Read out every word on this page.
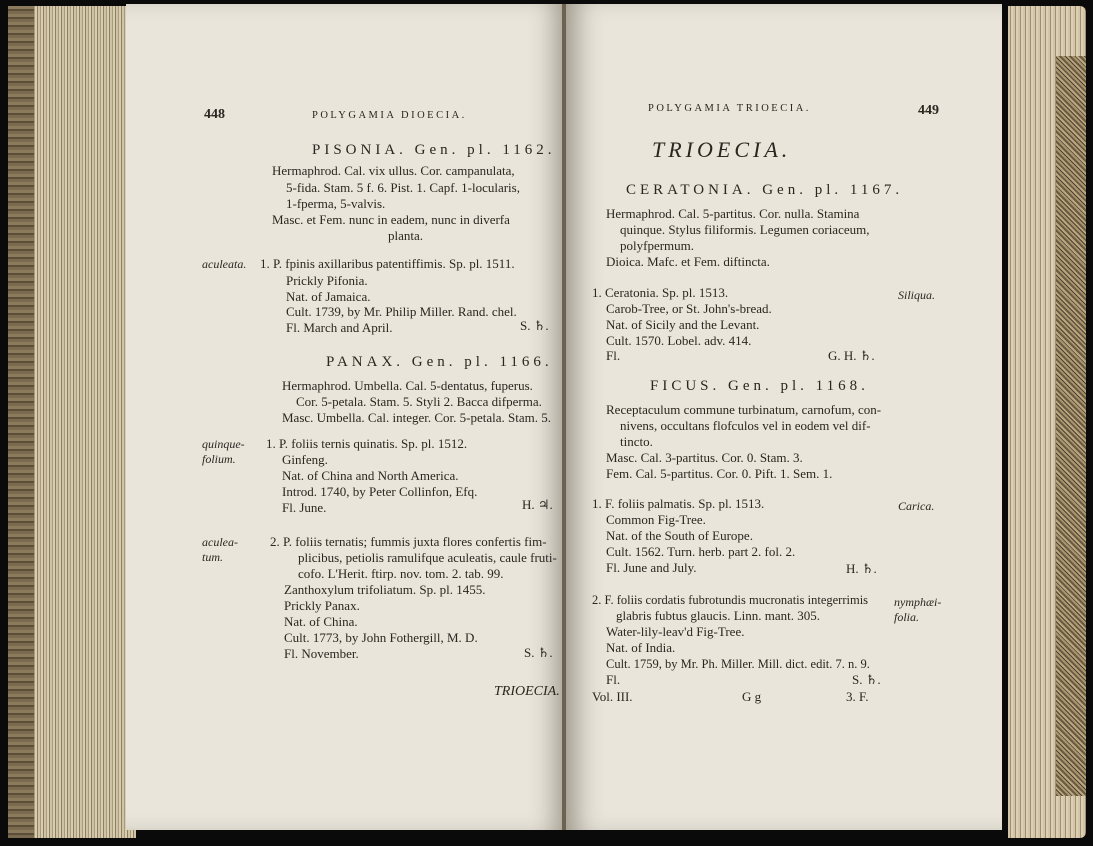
448	POLYGAMIA DIOECIA.
PISONIA. Gen. pl. 1162.
Hermaphrod. Cal. vix ullus. Cor. campanulata,
5-fida. Stam. 5 f. 6. Pist. 1. Capf. 1-locularis,
1-fperma, 5-valvis.
Masc. et Fem. nunc in eadem, nunc in diverfa
planta.
aculeata. 1. P. fpinis axillaribus patentiffimis. Sp. pl. 1511.
Prickly Pifonia.
Nat. of Jamaica.
Cult. 1739, by Mr. Philip Miller. Rand. chel.
Fl. March and April.	S. ♄.
PANAX. Gen. pl. 1166.
Hermaphrod. Umbella. Cal. 5-dentatus, fuperus.
Cor. 5-petala. Stam. 5. Styli 2. Bacca difperma.
Masc. Umbella. Cal. integer. Cor. 5-petala. Stam. 5.
quinque-
folium.
1. P. foliis ternis quinatis. Sp. pl. 1512.
Ginfeng.
Nat. of China and North America.
Introd. 1740, by Peter Collinfon, Efq.
Fl. June.	H. ♃.
aculea-
tum.
2. P. foliis ternatis; fummis juxta flores confertis fim-
plicibus, petiolis ramulifque aculeatis, caule fruti-
cofo. L'Herit. ftirp. nov. tom. 2. tab. 99.
Zanthoxylum trifoliatum. Sp. pl. 1455.
Prickly Panax.
Nat. of China.
Cult. 1773, by John Fothergill, M. D.
Fl. November.	S. ♄.
TRIOECIA.
POLYGAMIA TRIOECIA.	449
TRIOECIA.
CERATONIA. Gen. pl. 1167.
Hermaphrod. Cal. 5-partitus. Cor. nulla. Stamina
quinque. Stylus filiformis. Legumen coriaceum,
polyfpermum.
Dioica. Mafc. et Fem. diftincta.
Siliqua.
1. Ceratonia. Sp. pl. 1513.
Carob-Tree, or St. John's-bread.
Nat. of Sicily and the Levant.
Cult. 1570. Lobel. adv. 414.
Fl.	G. H. ♄.
FICUS. Gen. pl. 1168.
Receptaculum commune turbinatum, carnofum, con-
nivens, occultans flofculos vel in eodem vel dif-
tincto.
Masc. Cal. 3-partitus. Cor. 0. Stam. 3.
Fem. Cal. 5-partitus. Cor. 0. Pift. 1. Sem. 1.
Carica.
1. F. foliis palmatis. Sp. pl. 1513.
Common Fig-Tree.
Nat. of the South of Europe.
Cult. 1562. Turn. herb. part 2. fol. 2.
Fl. June and July.	H. ♄.
nymphæi-
folia.
2. F. foliis cordatis fubrotundis mucronatis integerrimis
glabris fubtus glaucis. Linn. mant. 305.
Water-lily-leav'd Fig-Tree.
Nat. of India.
Cult. 1759, by Mr. Ph. Miller. Mill. dict. edit. 7. n. 9.
Fl.	S. ♄.
Vol. III.	G g	3. F.
